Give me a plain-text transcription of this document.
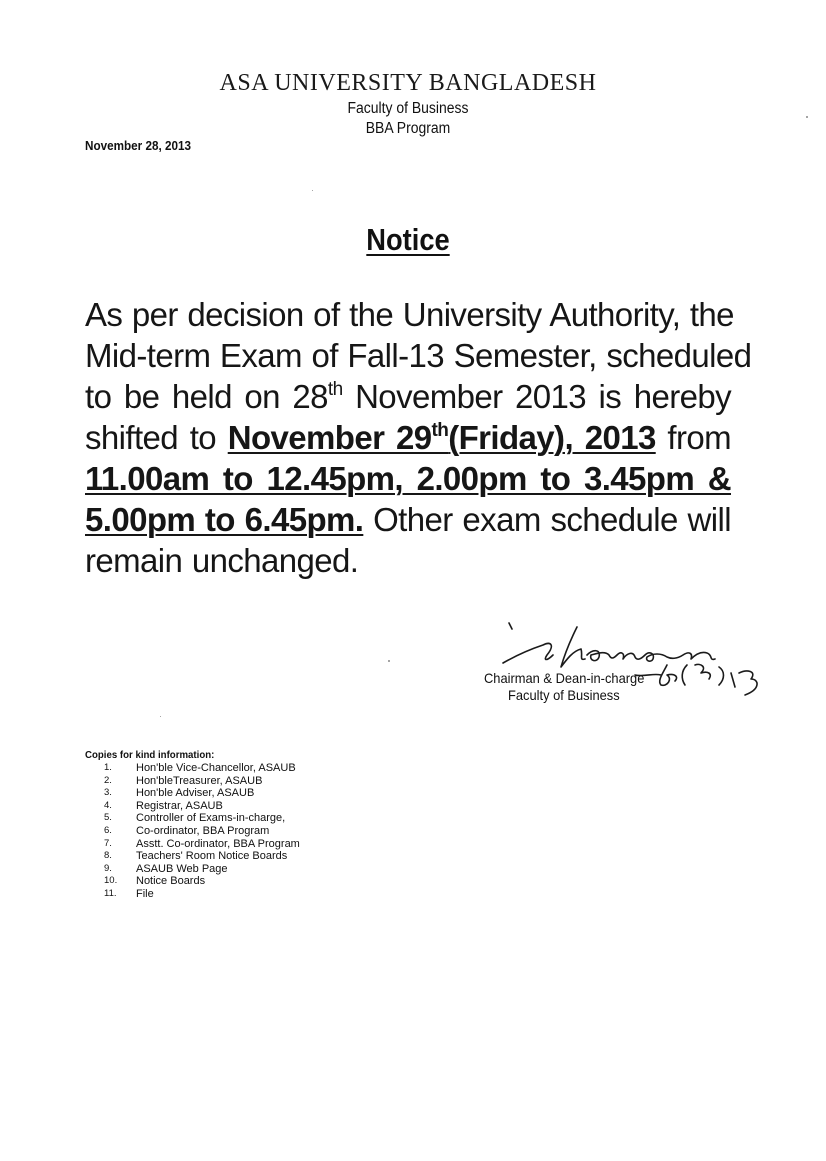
ASA UNIVERSITY BANGLADESH
Faculty of Business
BBA Program
November 28, 2013
Notice
As per decision of the University Authority, the
Mid-term Exam of Fall-13 Semester, scheduled
to be held on 28th November 2013 is hereby
shifted to November 29th(Friday), 2013 from
11.00am to 12.45pm, 2.00pm to 3.45pm &
5.00pm to 6.45pm. Other exam schedule will
remain unchanged.
Chairman & Dean-in-charge
Faculty of Business
Copies for kind information:
1.	Hon'ble Vice-Chancellor, ASAUB
2.	Hon'bleTreasurer, ASAUB
3.	Hon'ble Adviser, ASAUB
4.	Registrar, ASAUB
5.	Controller of Exams-in-charge,
6.	Co-ordinator, BBA Program
7.	Asstt. Co-ordinator, BBA Program
8.	Teachers' Room Notice Boards
9.	ASAUB Web Page
10.	Notice Boards
11.	File
